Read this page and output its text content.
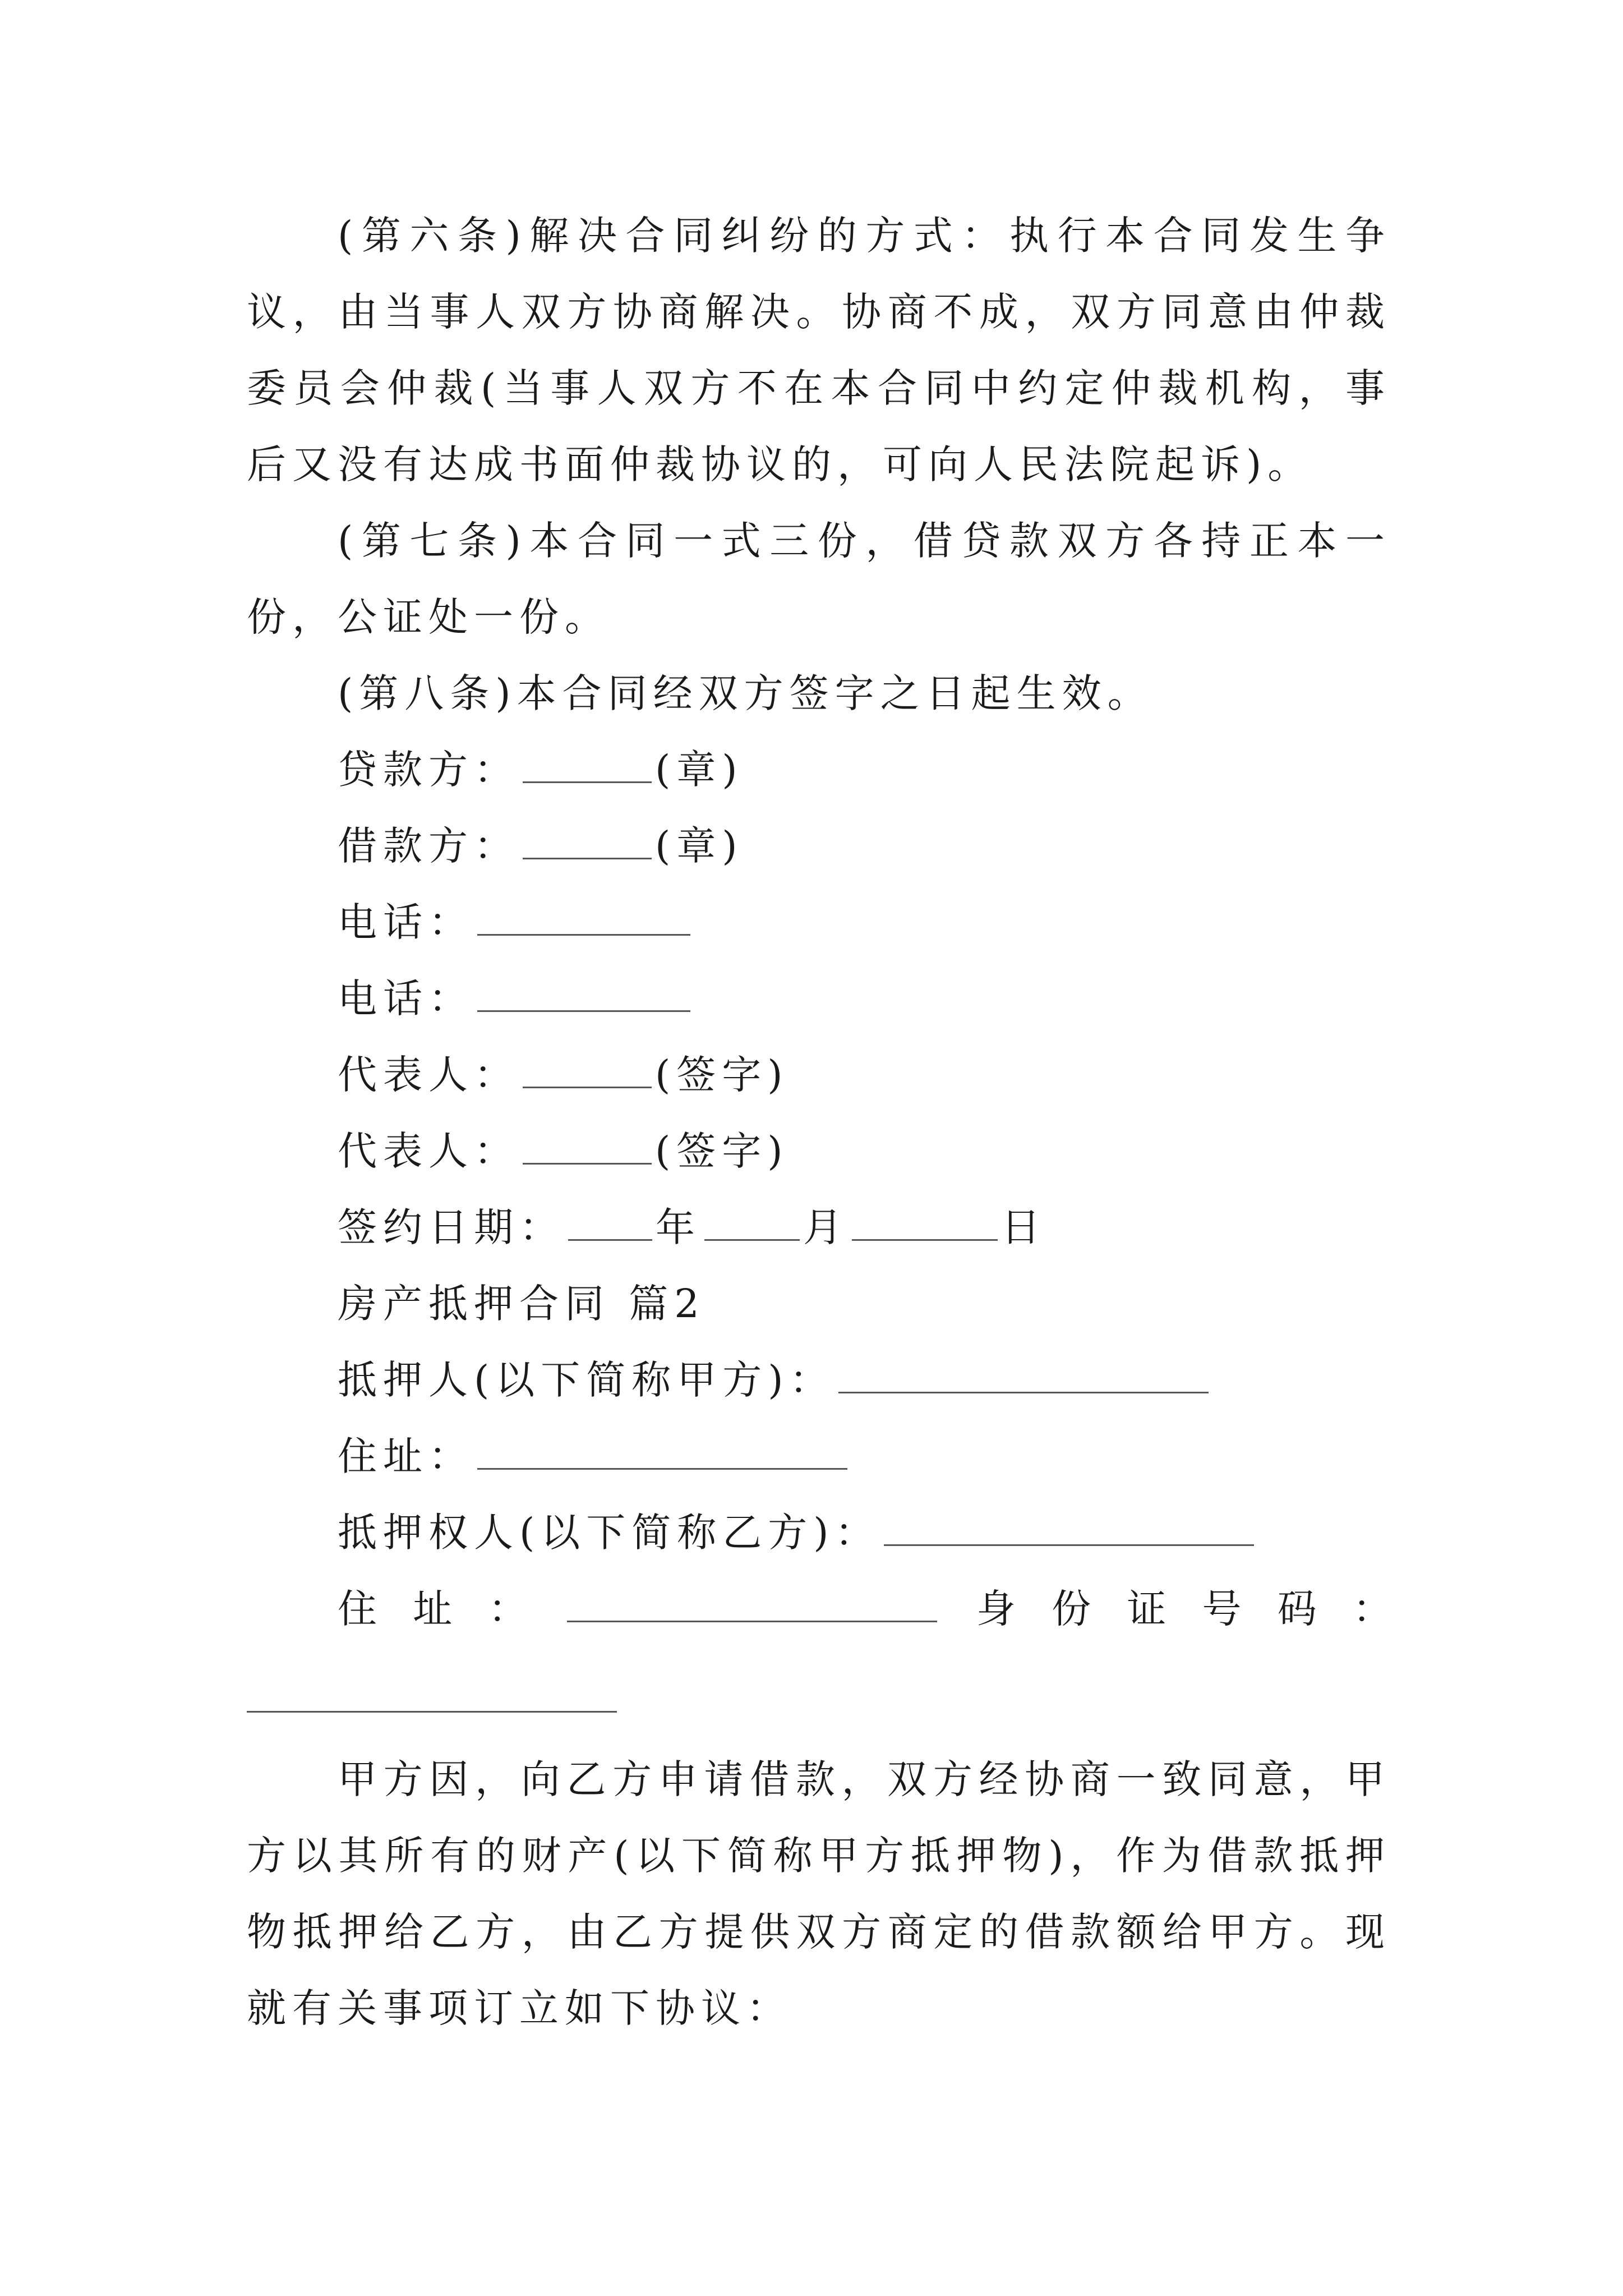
(第六条)解决合同纠纷的方式：执行本合同发生争议，由当事人双方协商解决。协商不成，双方同意由仲裁委员会仲裁(当事人双方不在本合同中约定仲裁机构，事后又没有达成书面仲裁协议的，可向人民法院起诉)。

(第七条)本合同一式三份，借贷款双方各持正本一份，公证处一份。

(第八条)本合同经双方签字之日起生效。

贷款方：	(章)

借款方：	(章)

电话：

电话：

代表人：	(签字)

代表人：	(签字)

签约日期： 年	月	日

房产抵押合同 篇2

抵押人(以下简称甲方)：

住址：

抵押权人(以下简称乙方)：

住 址 ：	身 份 证 号 码 ：

甲方因，向乙方申请借款，双方经协商一致同意，甲方以其所有的财产(以下简称甲方抵押物)，作为借款抵押物抵押给乙方，由乙方提供双方商定的借款额给甲方。现就有关事项订立如下协议：
